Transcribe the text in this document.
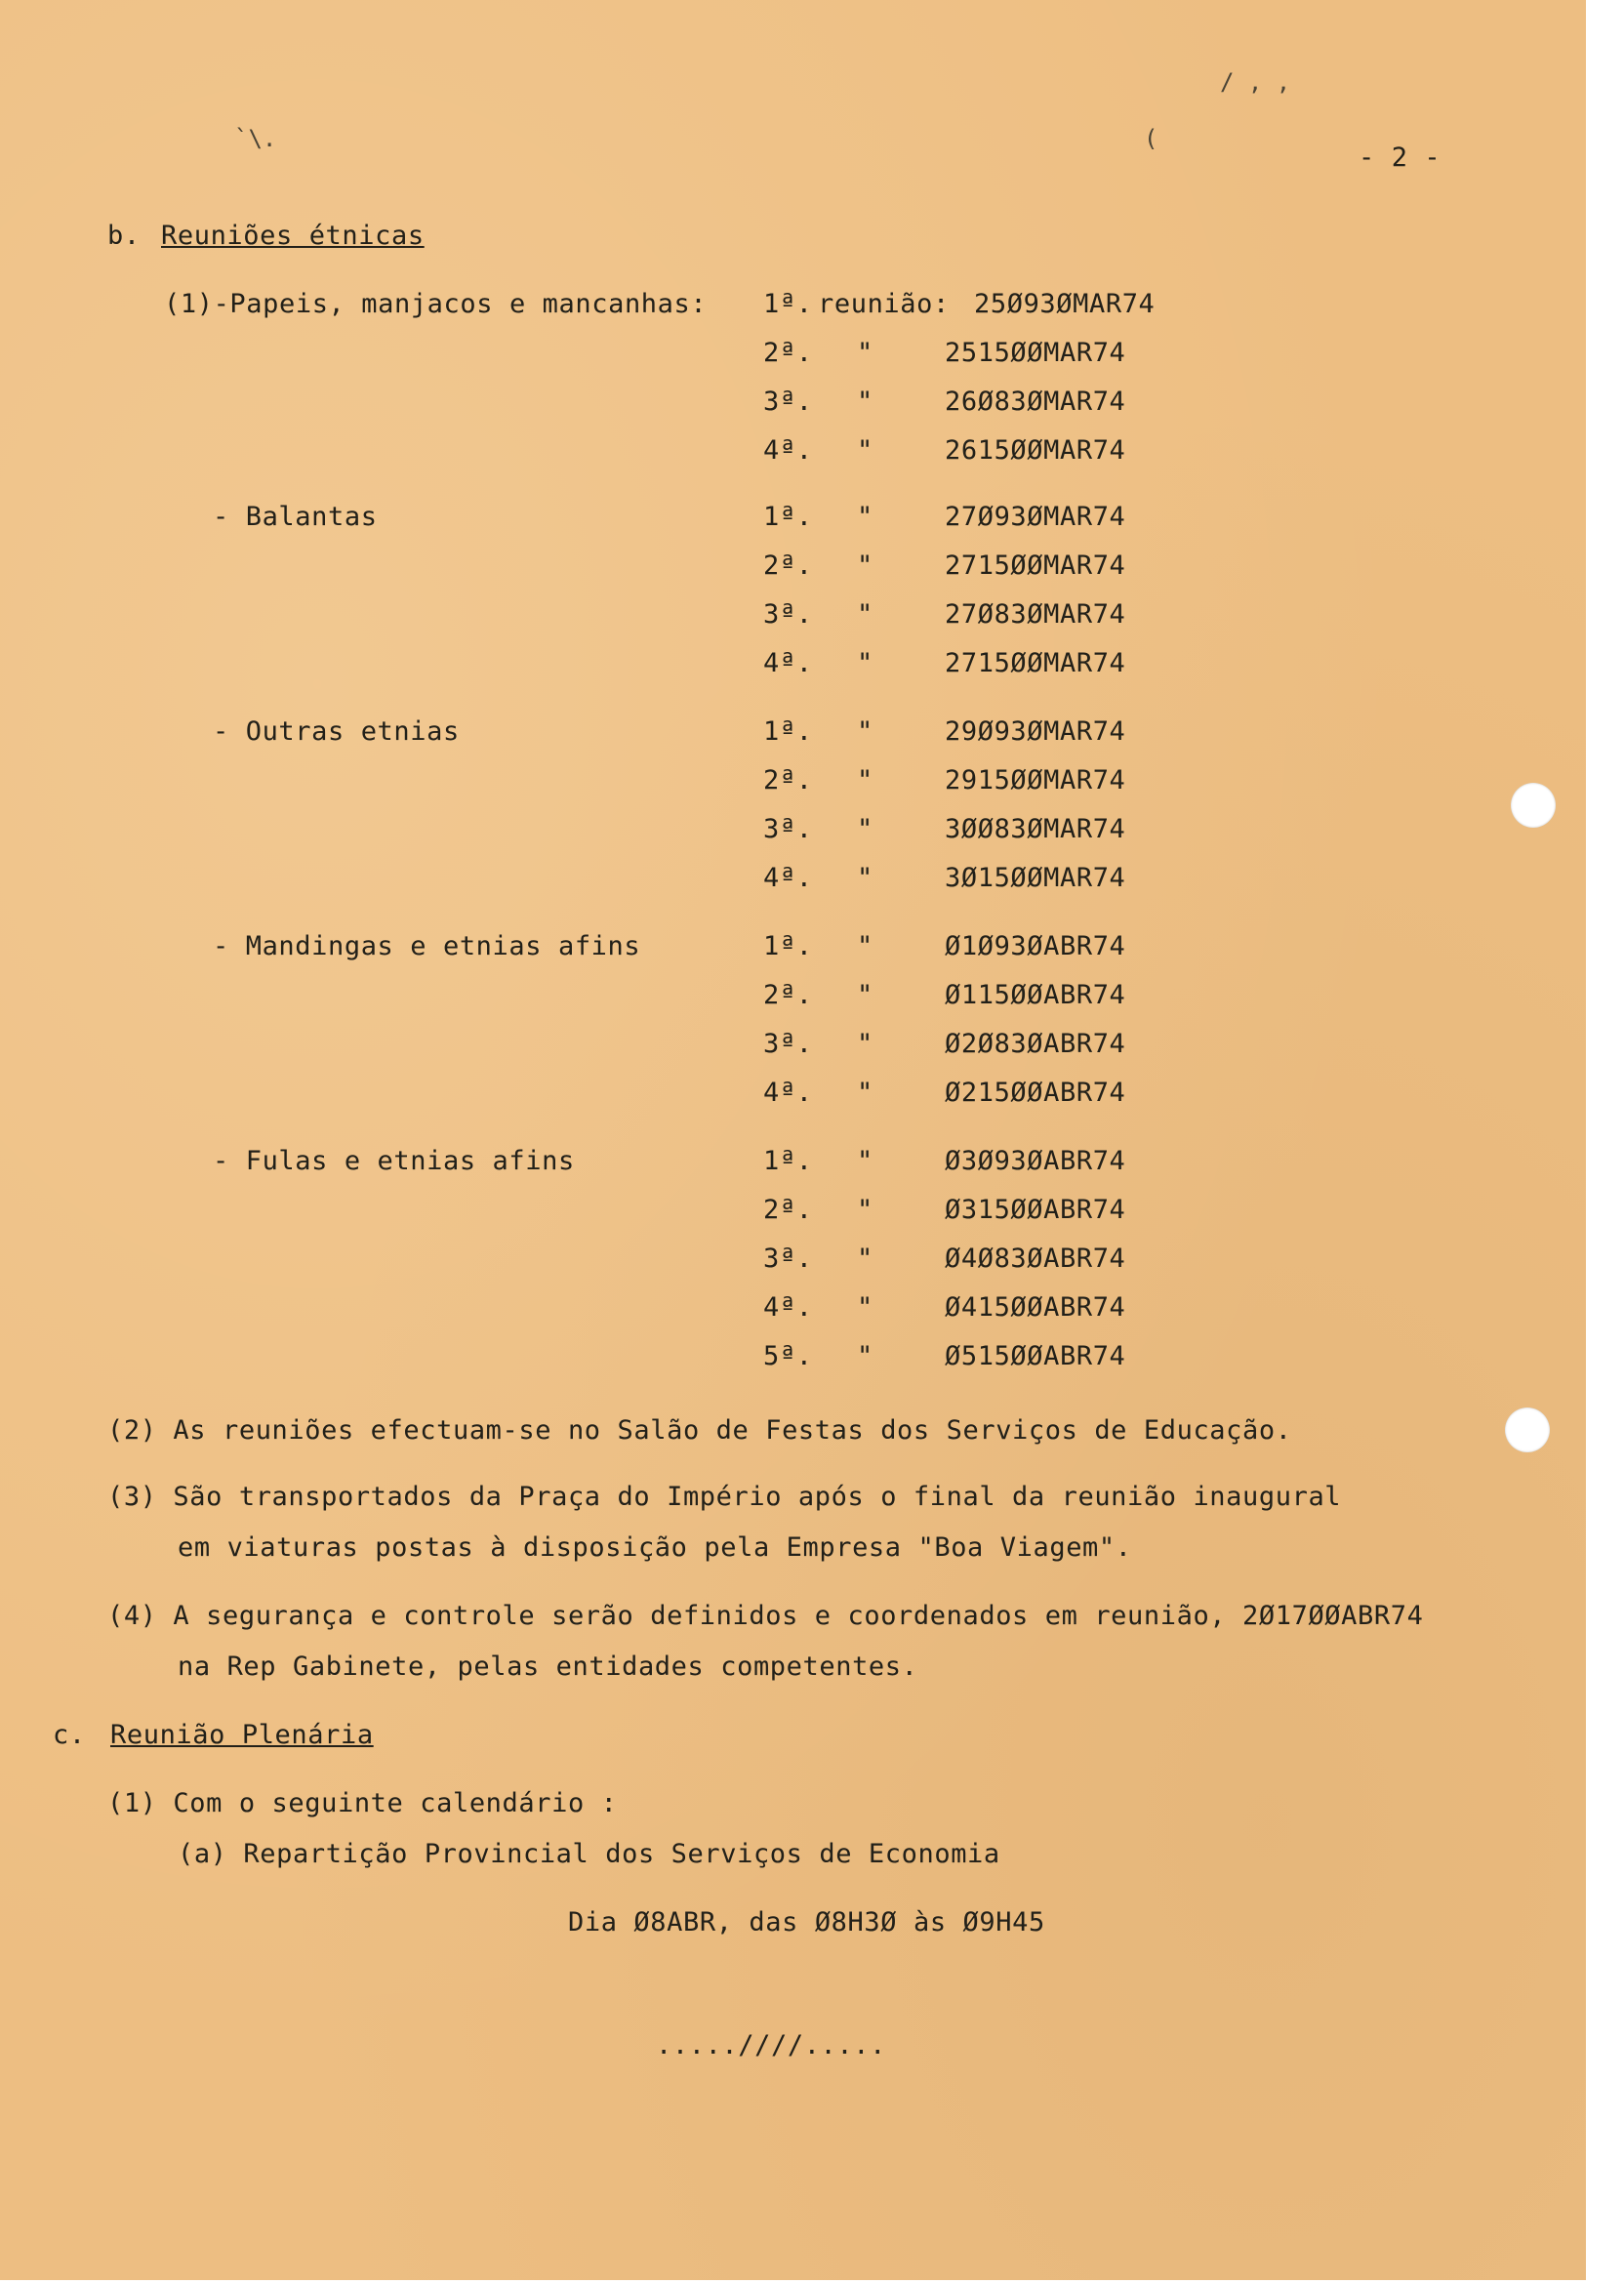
`\.	(
/ , ,
- 2 -
b. Reuniões étnicas
(1)-Papeis, manjacos e mancanhas: 1ª. reunião: 25Ø93ØMAR74
2ª. "	2515ØØMAR74
3ª. "	26Ø83ØMAR74
4ª. "	2615ØØMAR74
- Balantas	1ª. "	27Ø93ØMAR74
2ª. "	2715ØØMAR74
3ª. "	27Ø83ØMAR74
4ª. "	2715ØØMAR74
- Outras etnias	1ª. "	29Ø93ØMAR74
2ª. "	2915ØØMAR74
3ª. "	3ØØ83ØMAR74
4ª. "	3Ø15ØØMAR74
- Mandingas e etnias afins	1ª. "	Ø1Ø93ØABR74
2ª. "	Ø115ØØABR74
3ª. "	Ø2Ø83ØABR74
4ª. "	Ø215ØØABR74
- Fulas e etnias afins	1ª. "	Ø3Ø93ØABR74
2ª. "	Ø315ØØABR74
3ª. "	Ø4Ø83ØABR74
4ª. "	Ø415ØØABR74
5ª. "	Ø515ØØABR74
(2) As reuniões efectuam-se no Salão de Festas dos Serviços de Educação.
(3) São transportados da Praça do Império após o final da reunião inaugural
em viaturas postas à disposição pela Empresa "Boa Viagem".
(4) A segurança e controle serão definidos e coordenados em reunião, 2Ø17ØØABR74
na Rep Gabinete, pelas entidades competentes.
c. Reunião Plenária
(1) Com o seguinte calendário :
(a) Repartição Provincial dos Serviços de Economia
Dia Ø8ABR, das Ø8H3Ø às Ø9H45
.....////.....
